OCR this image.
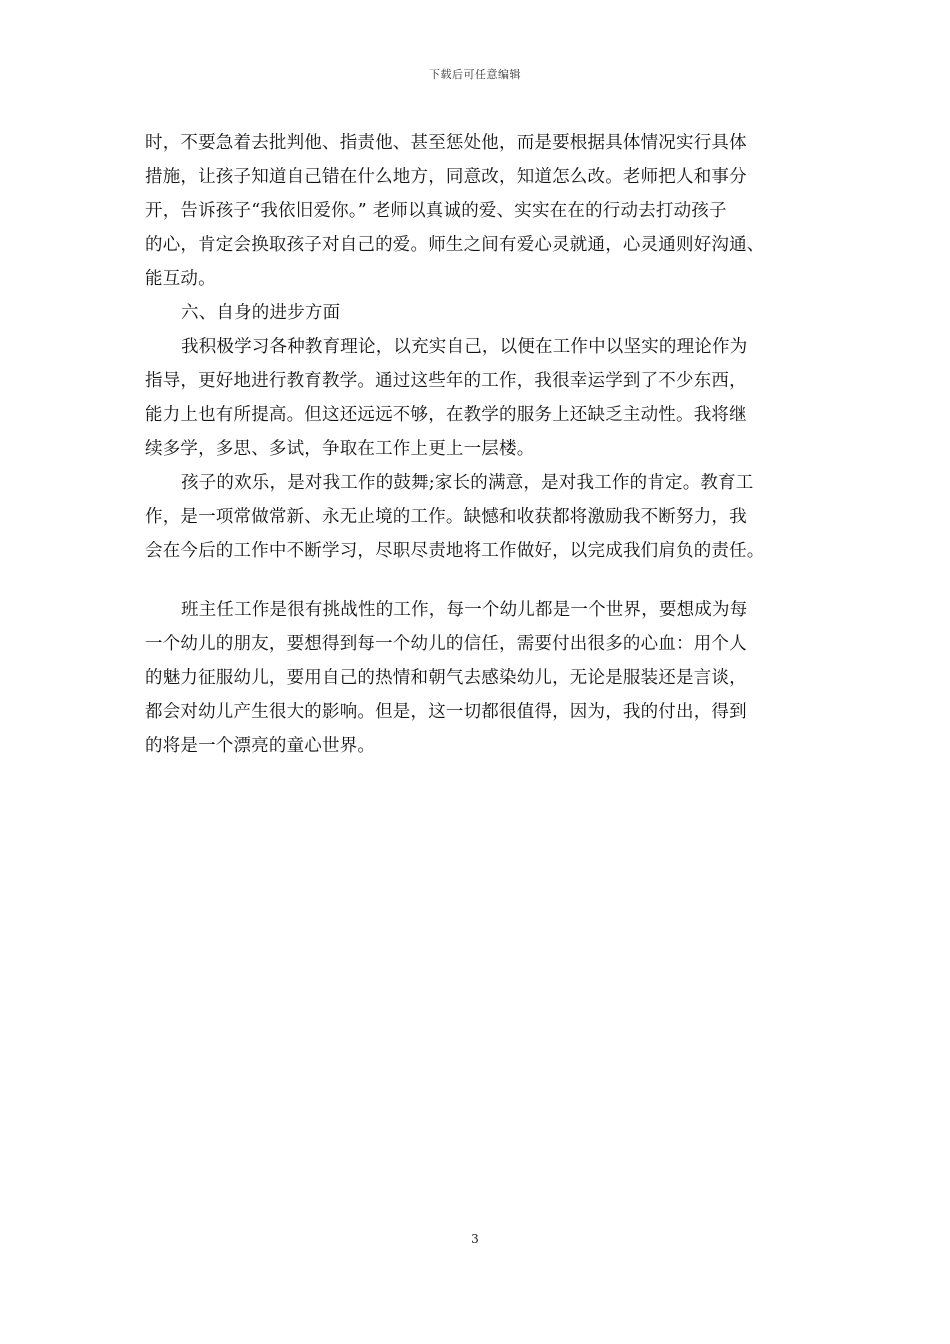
下载后可任意编辑
时，不要急着去批判他、指责他、甚至惩处他，而是要根据具体情况实行具体
措施，让孩子知道自己错在什么地方，同意改，知道怎么改。老师把人和事分
开，告诉孩子“我依旧爱你。” 老师以真诚的爱、实实在在的行动去打动孩子
的心，肯定会换取孩子对自己的爱。师生之间有爱心灵就通，心灵通则好沟通、
能互动。
六、自身的进步方面
我积极学习各种教育理论，以充实自己，以便在工作中以坚实的理论作为
指导，更好地进行教育教学。通过这些年的工作，我很幸运学到了不少东西，
能力上也有所提高。但这还远远不够，在教学的服务上还缺乏主动性。我将继
续多学，多思、多试，争取在工作上更上一层楼。
孩子的欢乐，是对我工作的鼓舞;家长的满意，是对我工作的肯定。教育工
作，是一项常做常新、永无止境的工作。缺憾和收获都将激励我不断努力，我
会在今后的工作中不断学习，尽职尽责地将工作做好，以完成我们肩负的责任。
班主任工作是很有挑战性的工作，每一个幼儿都是一个世界，要想成为每
一个幼儿的朋友，要想得到每一个幼儿的信任，需要付出很多的心血：用个人
的魅力征服幼儿，要用自己的热情和朝气去感染幼儿，无论是服装还是言谈，
都会对幼儿产生很大的影响。但是，这一切都很值得，因为，我的付出，得到
的将是一个漂亮的童心世界。
3
